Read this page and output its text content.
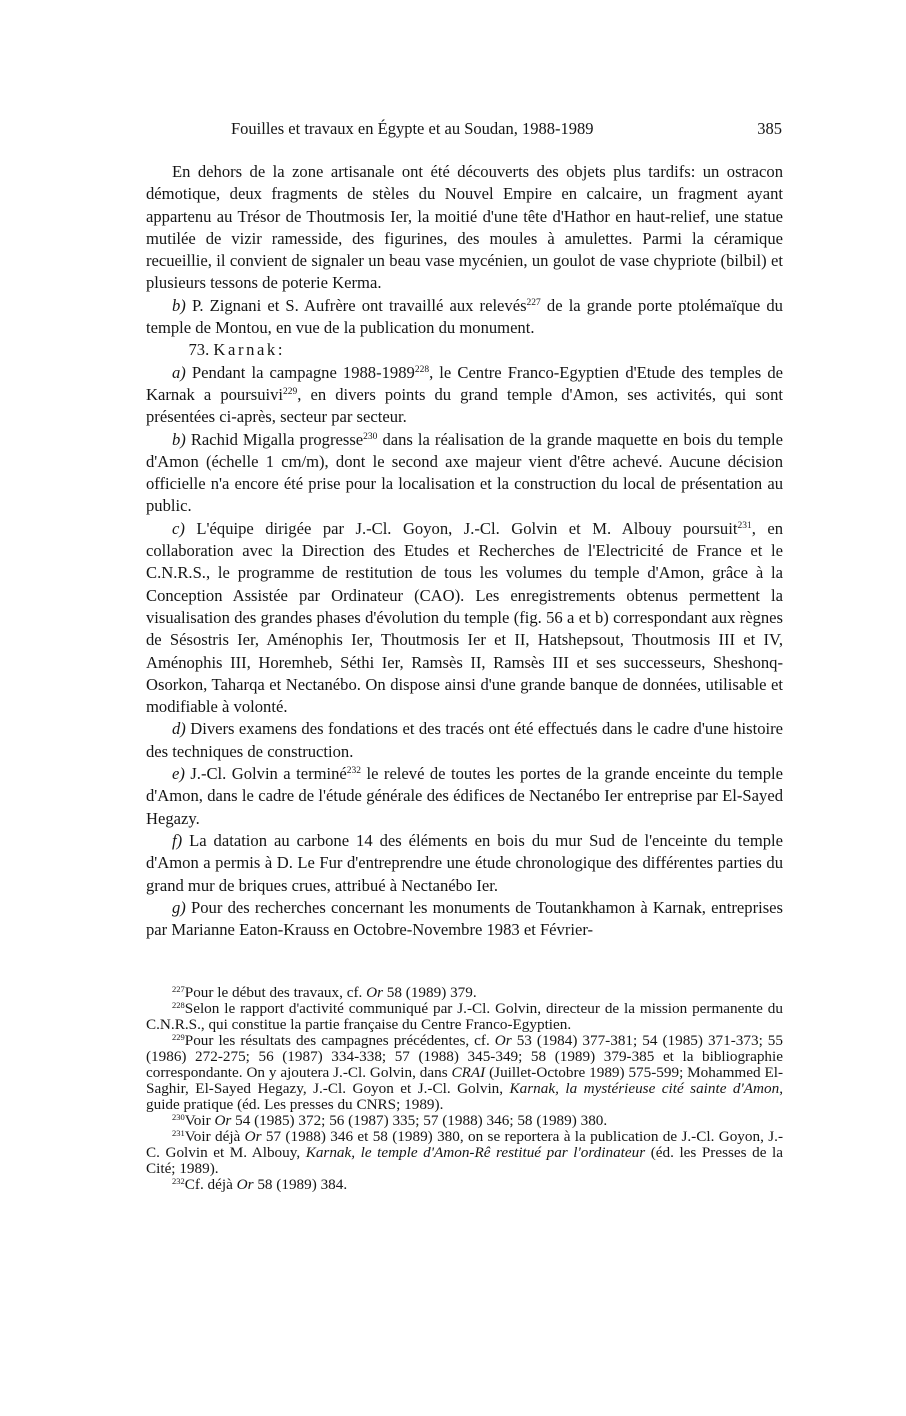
Fouilles et travaux en Égypte et au Soudan, 1988-1989	385

En dehors de la zone artisanale ont été découverts des objets plus tardifs: un ostracon démotique, deux fragments de stèles du Nouvel Empire en calcaire, un fragment ayant appartenu au Trésor de Thoutmosis Ier, la moitié d'une tête d'Hathor en haut-relief, une statue mutilée de vizir ramesside, des figurines, des moules à amulettes. Parmi la céramique recueillie, il convient de signaler un beau vase mycénien, un goulot de vase chypriote (bilbil) et plusieurs tessons de poterie Kerma.

b) P. Zignani et S. Aufrère ont travaillé aux relevés$^{227}$ de la grande porte ptolémaïque du temple de Montou, en vue de la publication du monument.

     73. Karnak:

a) Pendant la campagne 1988-1989$^{228}$, le Centre Franco-Egyptien d'Etude des temples de Karnak a poursuivi$^{229}$, en divers points du grand temple d'Amon, ses activités, qui sont présentées ci-après, secteur par secteur.

b) Rachid Migalla progresse$^{230}$ dans la réalisation de la grande maquette en bois du temple d'Amon (échelle 1 cm/m), dont le second axe majeur vient d'être achevé. Aucune décision officielle n'a encore été prise pour la localisation et la construction du local de présentation au public.

c) L'équipe dirigée par J.-Cl. Goyon, J.-Cl. Golvin et M. Albouy poursuit$^{231}$, en collaboration avec la Direction des Etudes et Recherches de l'Electricité de France et le C.N.R.S., le programme de restitution de tous les volumes du temple d'Amon, grâce à la Conception Assistée par Ordinateur (CAO). Les enregistrements obtenus permettent la visualisation des grandes phases d'évolution du temple (fig. 56 a et b) correspondant aux règnes de Sésostris Ier, Aménophis Ier, Thoutmosis Ier et II, Hatshepsout, Thoutmosis III et IV, Aménophis III, Horemheb, Séthi Ier, Ramsès II, Ramsès III et ses successeurs, Sheshonq-Osorkon, Taharqa et Nectanébo. On dispose ainsi d'une grande banque de données, utilisable et modifiable à volonté.

d) Divers examens des fondations et des tracés ont été effectués dans le cadre d'une histoire des techniques de construction.

e) J.-Cl. Golvin a terminé$^{232}$ le relevé de toutes les portes de la grande enceinte du temple d'Amon, dans le cadre de l'étude générale des édifices de Nectanébo Ier entreprise par El-Sayed Hegazy.

f) La datation au carbone 14 des éléments en bois du mur Sud de l'enceinte du temple d'Amon a permis à D. Le Fur d'entreprendre une étude chronologique des différentes parties du grand mur de briques crues, attribué à Nectanébo Ier.

g) Pour des recherches concernant les monuments de Toutankhamon à Karnak, entreprises par Marianne Eaton-Krauss en Octobre-Novembre 1983 et Février-

$^{227}$Pour le début des travaux, cf. Or 58 (1989) 379.

$^{228}$Selon le rapport d'activité communiqué par J.-Cl. Golvin, directeur de la mission permanente du C.N.R.S., qui constitue la partie française du Centre Franco-Egyptien.

$^{229}$Pour les résultats des campagnes précédentes, cf. Or 53 (1984) 377-381; 54 (1985) 371-373; 55 (1986) 272-275; 56 (1987) 334-338; 57 (1988) 345-349; 58 (1989) 379-385 et la bibliographie correspondante. On y ajoutera J.-Cl. Golvin, dans CRAI (Juillet-Octobre 1989) 575-599; Mohammed El-Saghir, El-Sayed Hegazy, J.-Cl. Goyon et J.-Cl. Golvin, Karnak, la mystérieuse cité sainte d'Amon, guide pratique (éd. Les presses du CNRS; 1989).

$^{230}$Voir Or 54 (1985) 372; 56 (1987) 335; 57 (1988) 346; 58 (1989) 380.

$^{231}$Voir déjà Or 57 (1988) 346 et 58 (1989) 380, on se reportera à la publication de J.-Cl. Goyon, J.-C. Golvin et M. Albouy, Karnak, le temple d'Amon-Rê restitué par l'ordinateur (éd. les Presses de la Cité; 1989).

$^{232}$Cf. déjà Or 58 (1989) 384.
